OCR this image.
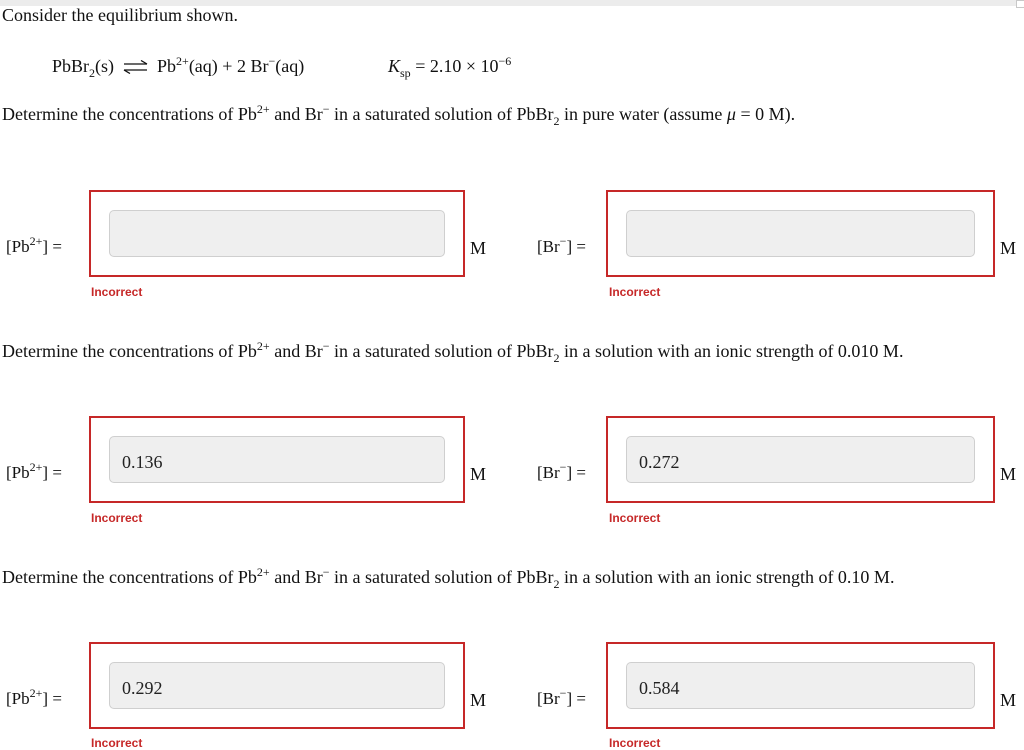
Consider the equilibrium shown.
PbBr$_2$(s) ⇌ $Pb^{2+}(aq) + 2$ Br−(aq)	$K_{sp} = 2.10 \times 10^{-6}$
Determine the concentrations of $Pb^{2+}$ and Br− in a saturated solution of PbBr$_2$ in pure water (assume μ = 0 M).
$[Pb^{2+}]$ =	M
Incorrect
[Br−] =	M
Incorrect
Determine the concentrations of $Pb^{2+}$ and Br− in a saturated solution of PbBr$_2$ in a solution with an ionic strength of 0.010 M.
$[Pb^{2+}]$ =
0.136
M
Incorrect
[Br−] =
0.272
M
Incorrect
Determine the concentrations of $Pb^{2+}$ and Br− in a saturated solution of PbBr$_2$ in a solution with an ionic strength of 0.10 M.
$[Pb^{2+}]$ =
0.292
M
Incorrect
[Br−] =
0.584
M
Incorrect
